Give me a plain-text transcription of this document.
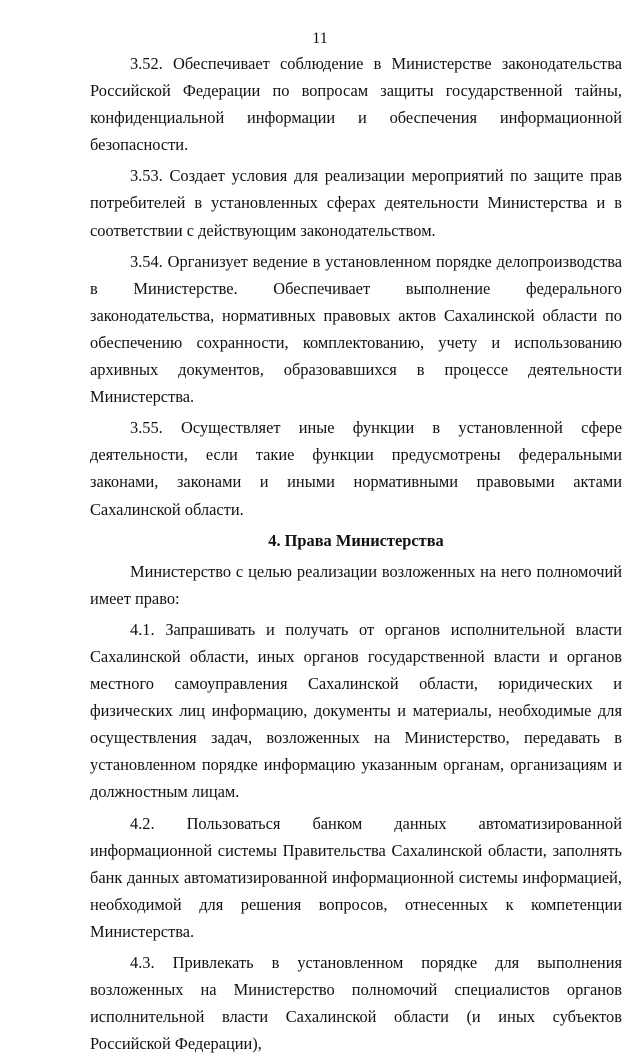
11

3.52. Обеспечивает соблюдение в Министерстве законодательства Российской Федерации по вопросам защиты государственной тайны, конфиденциальной информации и обеспечения информационной безопасности.

3.53. Создает условия для реализации мероприятий по защите прав потребителей в установленных сферах деятельности Министерства и в соответствии с действующим законодательством.

3.54. Организует ведение в установленном порядке делопроизводства в Министерстве. Обеспечивает выполнение федерального законодательства, нормативных правовых актов Сахалинской области по обеспечению сохранности, комплектованию, учету и использованию архивных документов, образовавшихся в процессе деятельности Министерства.

3.55. Осуществляет иные функции в установленной сфере деятельности, если такие функции предусмотрены федеральными законами, законами и иными нормативными правовыми актами Сахалинской области.

4. Права Министерства

Министерство с целью реализации возложенных на него полномочий имеет право:

4.1. Запрашивать и получать от органов исполнительной власти Сахалинской области, иных органов государственной власти и органов местного самоуправления Сахалинской области, юридических и физических лиц информацию, документы и материалы, необходимые для осуществления задач, возложенных на Министерство, передавать в установленном порядке информацию указанным органам, организациям и должностным лицам.

4.2. Пользоваться банком данных автоматизированной информационной системы Правительства Сахалинской области, заполнять банк данных автоматизированной информационной системы информацией, необходимой для решения вопросов, отнесенных к компетенции Министерства.

4.3. Привлекать в установленном порядке для выполнения возложенных на Министерство полномочий специалистов органов исполнительной власти Сахалинской области (и иных субъектов Российской Федерации),
